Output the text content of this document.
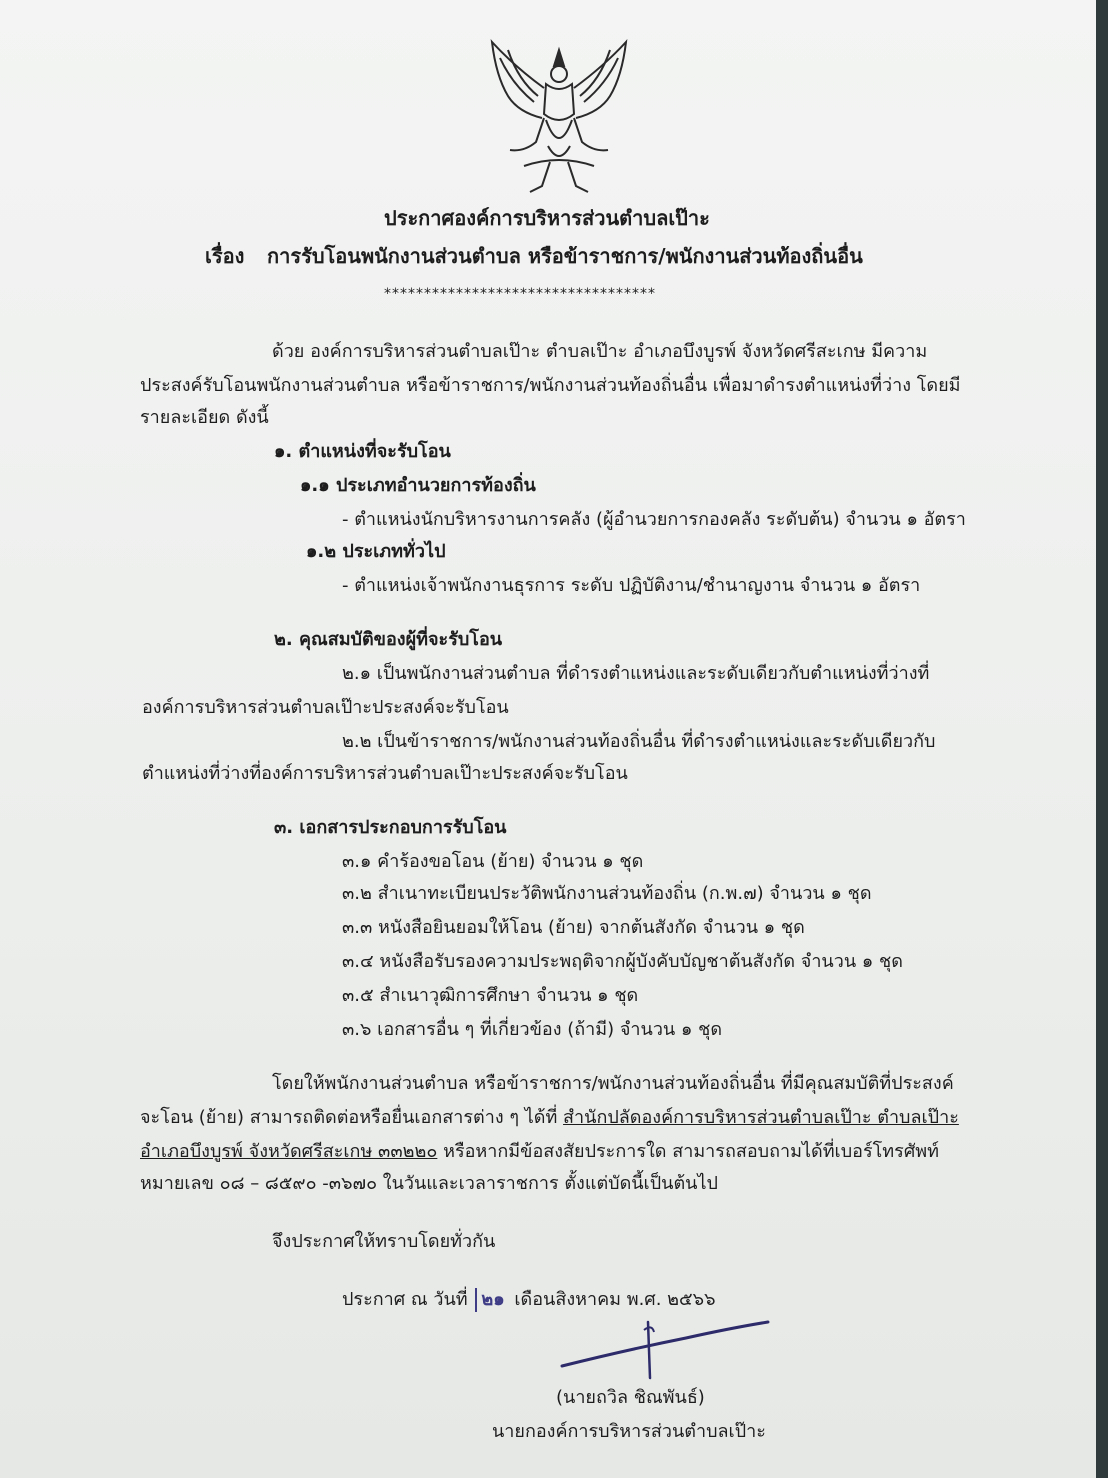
ประกาศองค์การบริหารส่วนตำบลเป๊าะ
เรื่อง การรับโอนพนักงานส่วนตำบล หรือข้าราชการ/พนักงานส่วนท้องถิ่นอื่น
**********************************
ด้วย องค์การบริหารส่วนตำบลเป๊าะ ตำบลเป๊าะ อำเภอบึงบูรพ์ จังหวัดศรีสะเกษ มีความ
ประสงค์รับโอนพนักงานส่วนตำบล หรือข้าราชการ/พนักงานส่วนท้องถิ่นอื่น เพื่อมาดำรงตำแหน่งที่ว่าง โดยมี
รายละเอียด ดังนี้
๑. ตำแหน่งที่จะรับโอน
๑.๑ ประเภทอำนวยการท้องถิ่น
- ตำแหน่งนักบริหารงานการคลัง (ผู้อำนวยการกองคลัง ระดับต้น) จำนวน ๑ อัตรา
๑.๒ ประเภททั่วไป
- ตำแหน่งเจ้าพนักงานธุรการ ระดับ ปฏิบัติงาน/ชำนาญงาน จำนวน ๑ อัตรา
๒. คุณสมบัติของผู้ที่จะรับโอน
๒.๑ เป็นพนักงานส่วนตำบล ที่ดำรงตำแหน่งและระดับเดียวกับตำแหน่งที่ว่างที่
องค์การบริหารส่วนตำบลเป๊าะประสงค์จะรับโอน
๒.๒ เป็นข้าราชการ/พนักงานส่วนท้องถิ่นอื่น ที่ดำรงตำแหน่งและระดับเดียวกับ
ตำแหน่งที่ว่างที่องค์การบริหารส่วนตำบลเป๊าะประสงค์จะรับโอน
๓. เอกสารประกอบการรับโอน
๓.๑ คำร้องขอโอน (ย้าย) จำนวน ๑ ชุด
๓.๒ สำเนาทะเบียนประวัติพนักงานส่วนท้องถิ่น (ก.พ.๗) จำนวน ๑ ชุด
๓.๓ หนังสือยินยอมให้โอน (ย้าย) จากต้นสังกัด จำนวน ๑ ชุด
๓.๔ หนังสือรับรองความประพฤติจากผู้บังคับบัญชาต้นสังกัด จำนวน ๑ ชุด
๓.๕ สำเนาวุฒิการศึกษา จำนวน ๑ ชุด
๓.๖ เอกสารอื่น ๆ ที่เกี่ยวข้อง (ถ้ามี) จำนวน ๑ ชุด
โดยให้พนักงานส่วนตำบล หรือข้าราชการ/พนักงานส่วนท้องถิ่นอื่น ที่มีคุณสมบัติที่ประสงค์
จะโอน (ย้าย) สามารถติดต่อหรือยื่นเอกสารต่าง ๆ ได้ที่ สำนักปลัดองค์การบริหารส่วนตำบลเป๊าะ ตำบลเป๊าะ
อำเภอบึงบูรพ์ จังหวัดศรีสะเกษ ๓๓๒๒๐ หรือหากมีข้อสงสัยประการใด สามารถสอบถามได้ที่เบอร์โทรศัพท์
หมายเลข ๐๘ – ๘๕๙๐ -๓๖๗๐ ในวันและเวลาราชการ ตั้งแต่บัดนี้เป็นต้นไป
จึงประกาศให้ทราบโดยทั่วกัน
ประกาศ ณ วันที่ ๒๑ เดือนสิงหาคม พ.ศ. ๒๕๖๖
(นายถวิล ชิณพันธ์)
นายกองค์การบริหารส่วนตำบลเป๊าะ
